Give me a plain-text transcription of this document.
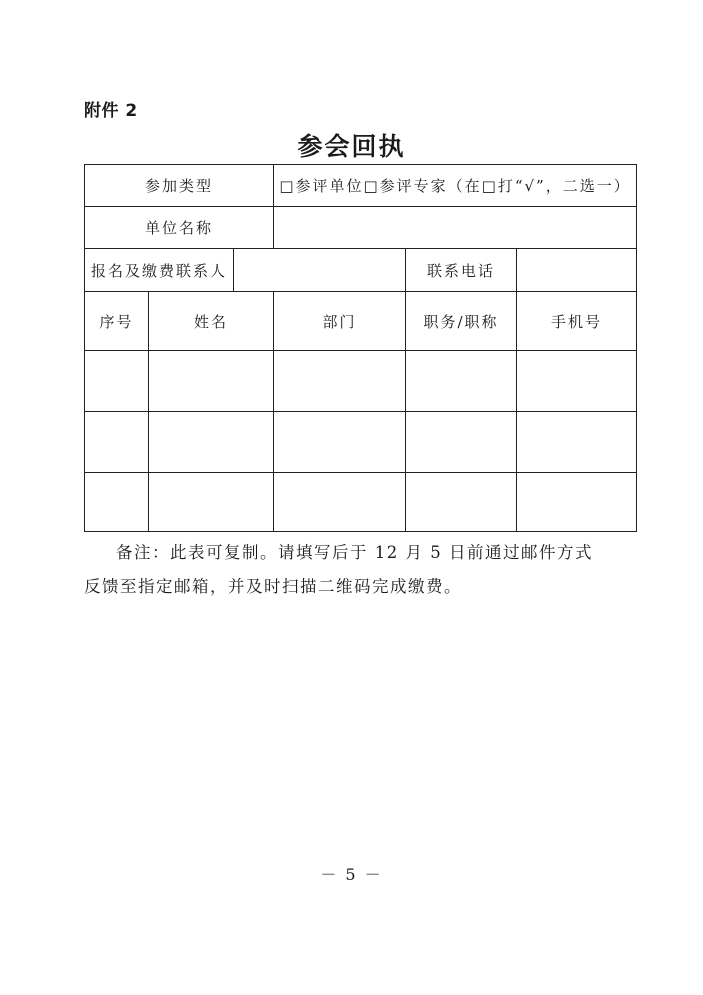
附件 2
参会回执
参加类型			□参评单位□参评专家（在□打“√”，二选一）		
单位名称					
报名及缴费联系人				联系电话	
序号	姓名		部门	职务/职称	手机号

备注：此表可复制。请填写后于 12 月 5 日前通过邮件方式

反馈至指定邮箱，并及时扫描二维码完成缴费。

－ 5 －
